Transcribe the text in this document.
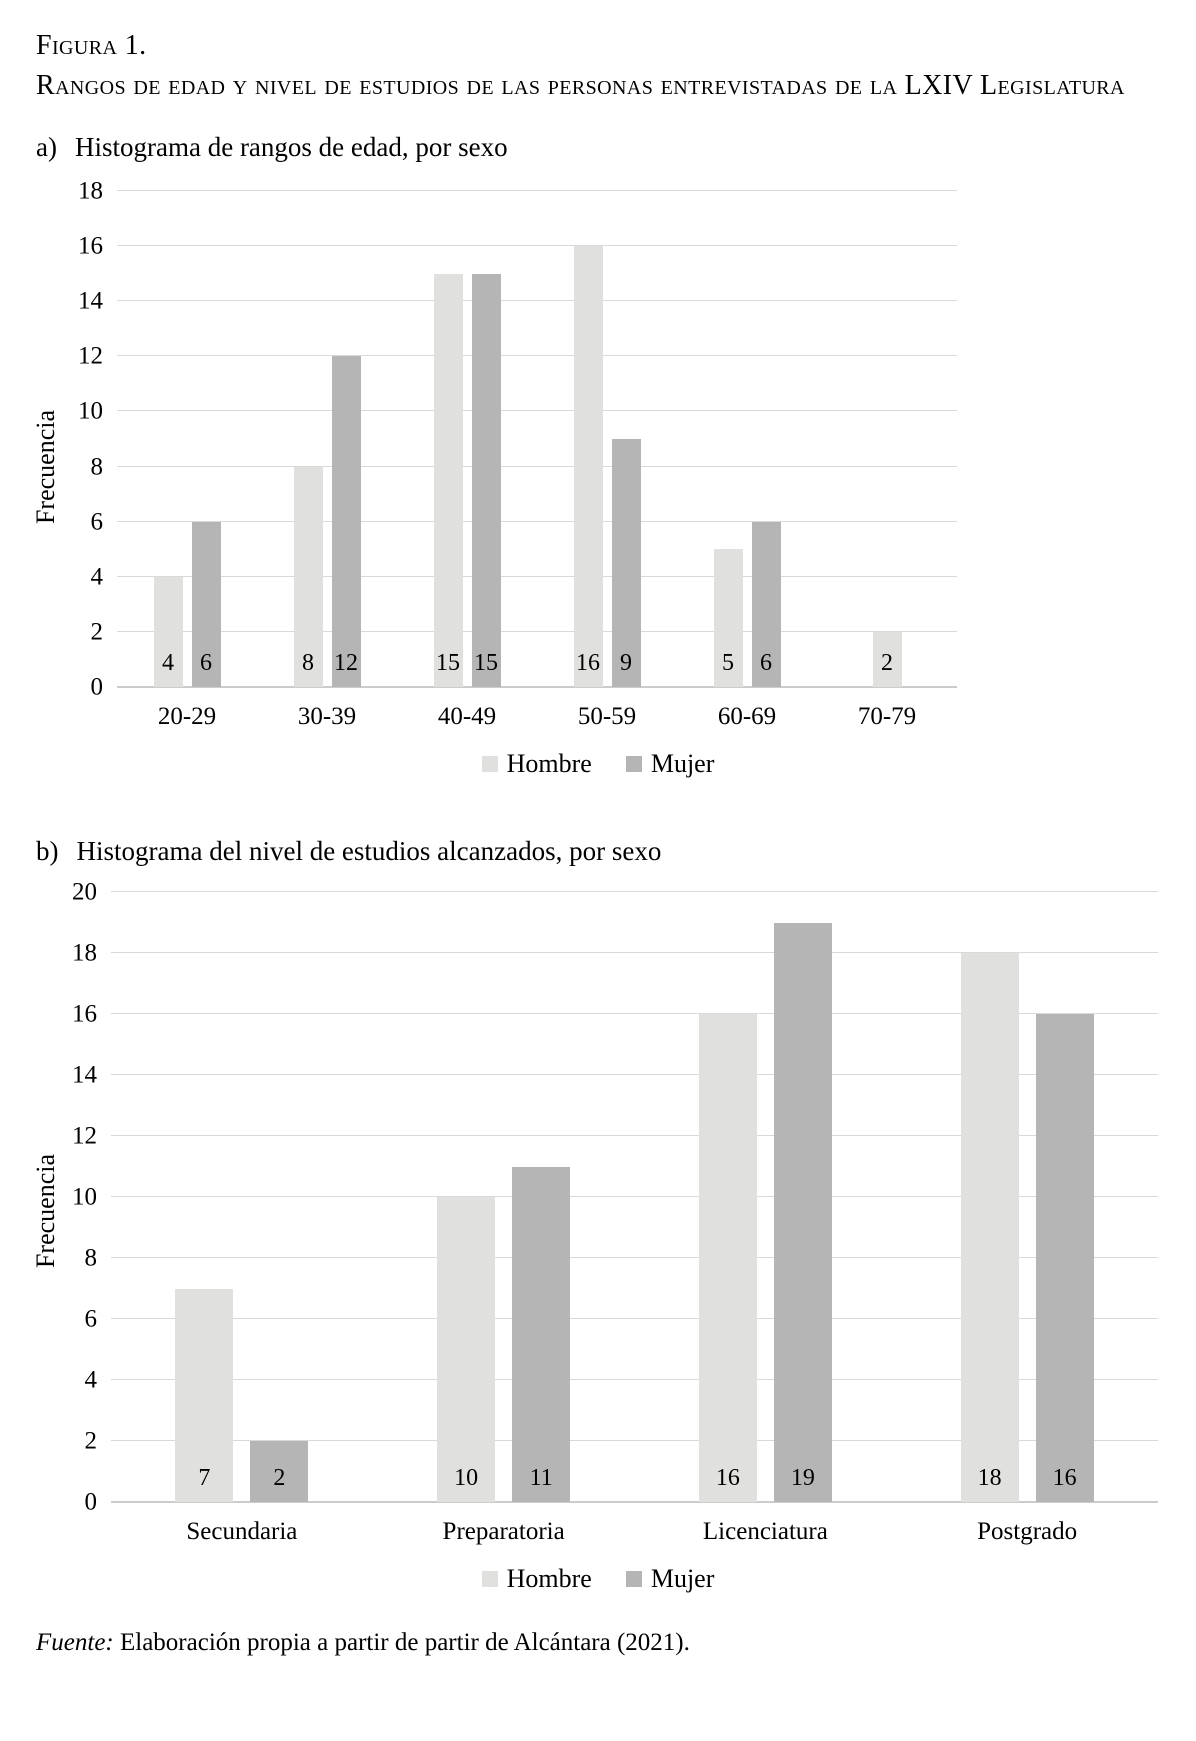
Figura 1.
Rangos de edad y nivel de estudios de las personas entrevistadas de la LXIV Legislatura
a) Histograma de rangos de edad, por sexo
Frecuencia
0
2
4
6
8
10
12
14
16
18
4	6	8 12	15 15	16 9	5	6	2
20-29	30-39	40-49	50-59	60-69	70-79
Hombre Mujer
b) Histograma del nivel de estudios alcanzados, por sexo
Frecuencia
0
2
4
6
8
10
12
14
16
18
20
7	2	10	11	16	19	18	16
Secundaria	Preparatoria	Licenciatura	Postgrado
Hombre Mujer

Fuente: Elaboración propia a partir de partir de Alcántara (2021).
